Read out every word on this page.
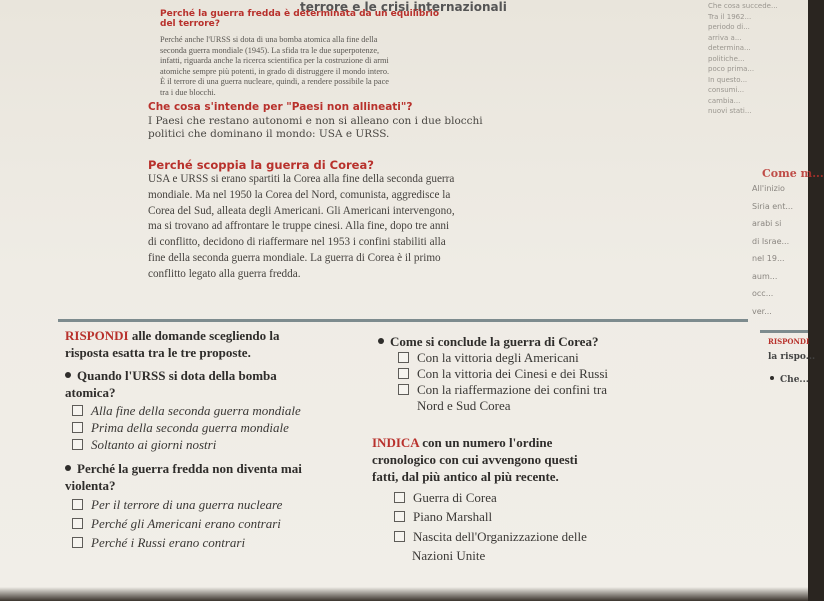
terrore e le crisi internazionali
Perché la guerra fredda è determinata da un equilibrio
del terrore?
Perché anche l'URSS si dota di una bomba atomica alla fine della
seconda guerra mondiale (1945). La sfida tra le due superpotenze,
infatti, riguarda anche la ricerca scientifica per la costruzione di armi
atomiche sempre più potenti, in grado di distruggere il mondo intero.
È il terrore di una guerra nucleare, quindi, a rendere possibile la pace
tra i due blocchi.
Che cosa s'intende per "Paesi non allineati"?
I Paesi che restano autonomi e non si alleano con i due blocchi
politici che dominano il mondo: USA e URSS.
Perché scoppia la guerra di Corea?
USA e URSS si erano spartiti la Corea alla fine della seconda guerra
mondiale. Ma nel 1950 la Corea del Nord, comunista, aggredisce la
Corea del Sud, alleata degli Americani. Gli Americani intervengono,
ma si trovano ad affrontare le truppe cinesi. Alla fine, dopo tre anni
di conflitto, decidono di riaffermare nel 1953 i confini stabiliti alla
fine della seconda guerra mondiale. La guerra di Corea è il primo
conflitto legato alla guerra fredda.
Che cosa succede...
Tra il 1962...
periodo di...
arriva a...
determina...
politiche...
poco prima...
In questo...
consumi...
cambia...
nuovi stati...
Come m...
All'inizio
Siria ent...
arabi si
di Israe...
nel 19...
aum...
occ...
ver...
RISPONDI alle domande scegliendo la
risposta esatta tra le tre proposte.
Quando l'URSS si dota della bomba
atomica?
Alla fine della seconda guerra mondiale
Prima della seconda guerra mondiale
Soltanto ai giorni nostri
Perché la guerra fredda non diventa mai
violenta?
Per il terrore di una guerra nucleare
Perché gli Americani erano contrari
Perché i Russi erano contrari
Come si conclude la guerra di Corea?
Con la vittoria degli Americani
Con la vittoria dei Cinesi e dei Russi
Con la riaffermazione dei confini tra
Nord e Sud Corea
INDICA con un numero l'ordine
cronologico con cui avvengono questi
fatti, dal più antico al più recente.
Guerra di Corea
Piano Marshall
Nascita dell'Organizzazione delle
Nazioni Unite
RISPONDI
la rispo...
Che...
